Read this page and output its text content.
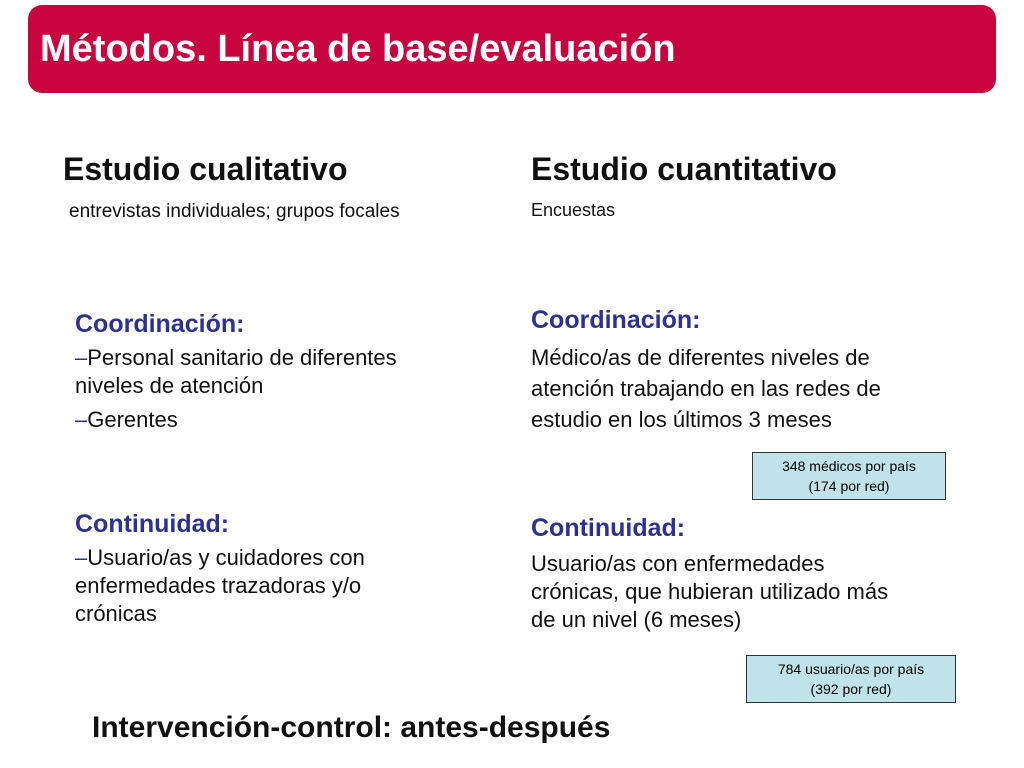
Métodos. Línea de base/evaluación
Estudio cualitativo
entrevistas individuales; grupos focales
Coordinación:
–Personal sanitario de diferentes
niveles de atención
–Gerentes
Continuidad:
–Usuario/as y cuidadores con
enfermedades trazadoras y/o
crónicas
Estudio cuantitativo
Encuestas
Coordinación:
Médico/as de diferentes niveles de
atención trabajando en las redes de
estudio en los últimos 3 meses
348 médicos por país
(174 por red)
Continuidad:
Usuario/as con enfermedades
crónicas, que hubieran utilizado más
de un nivel (6 meses)
784 usuario/as por país
(392 por red)
Intervención-control: antes-después
